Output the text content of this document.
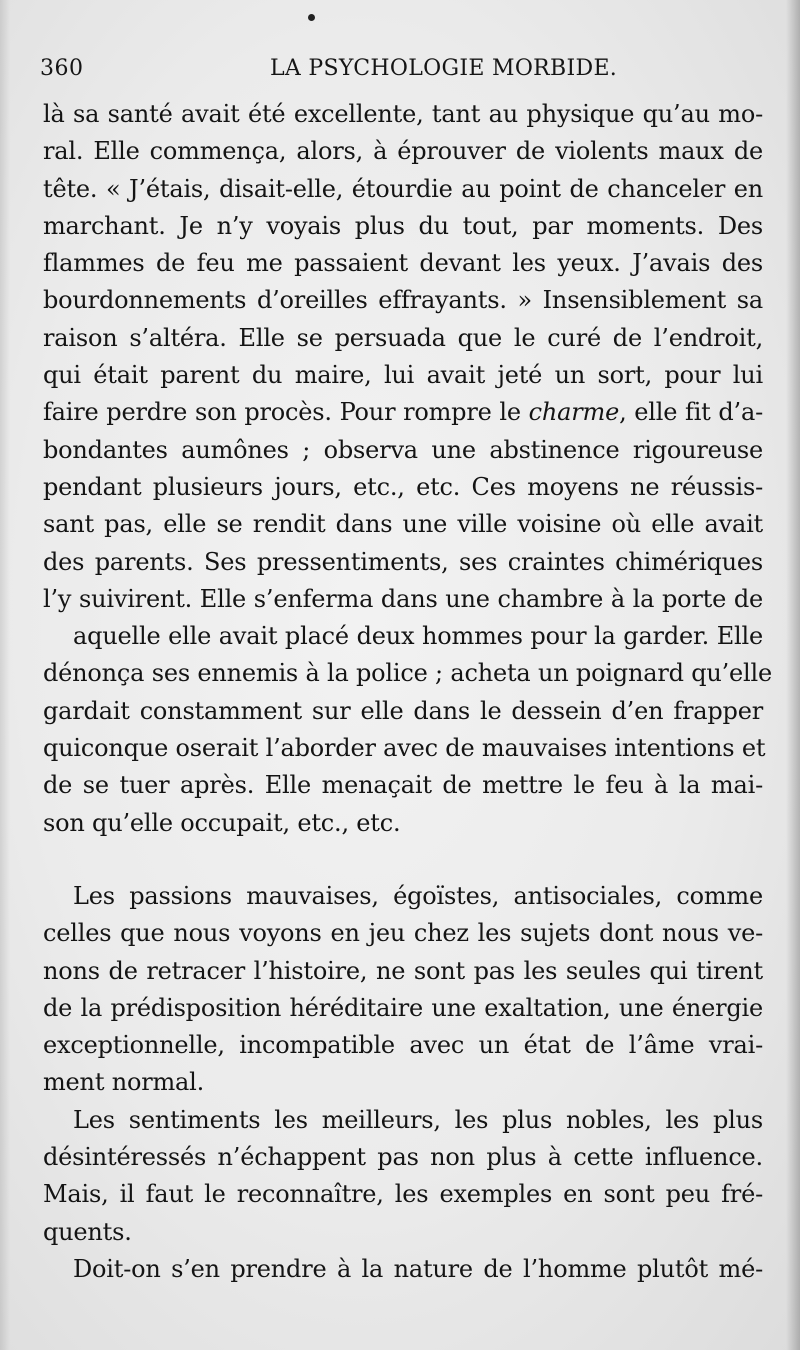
360	LA PSYCHOLOGIE MORBIDE.
là sa santé avait été excellente, tant au physique qu’au mo-
ral. Elle commença, alors, à éprouver de violents maux de
tête. « J’étais, disait-elle, étourdie au point de chanceler en
marchant. Je n’y voyais plus du tout, par moments. Des
flammes de feu me passaient devant les yeux. J’avais des
bourdonnements d’oreilles effrayants. » Insensiblement sa
raison s’altéra. Elle se persuada que le curé de l’endroit,
qui était parent du maire, lui avait jeté un sort, pour lui
faire perdre son procès. Pour rompre le charme, elle fit d’a-
bondantes aumônes ; observa une abstinence rigoureuse
pendant plusieurs jours, etc., etc. Ces moyens ne réussis-
sant pas, elle se rendit dans une ville voisine où elle avait
des parents. Ses pressentiments, ses craintes chimériques
l’y suivirent. Elle s’enferma dans une chambre à la porte de
aquelle elle avait placé deux hommes pour la garder. Elle
dénonça ses ennemis à la police ; acheta un poignard qu’elle
gardait constamment sur elle dans le dessein d’en frapper
quiconque oserait l’aborder avec de mauvaises intentions et
de se tuer après. Elle menaçait de mettre le feu à la mai-
son qu’elle occupait, etc., etc.
Les passions mauvaises, égoïstes, antisociales, comme
celles que nous voyons en jeu chez les sujets dont nous ve-
nons de retracer l’histoire, ne sont pas les seules qui tirent
de la prédisposition héréditaire une exaltation, une énergie
exceptionnelle, incompatible avec un état de l’âme vrai-
ment normal.
Les sentiments les meilleurs, les plus nobles, les plus
désintéressés n’échappent pas non plus à cette influence.
Mais, il faut le reconnaître, les exemples en sont peu fré-
quents.
Doit-on s’en prendre à la nature de l’homme plutôt mé-
